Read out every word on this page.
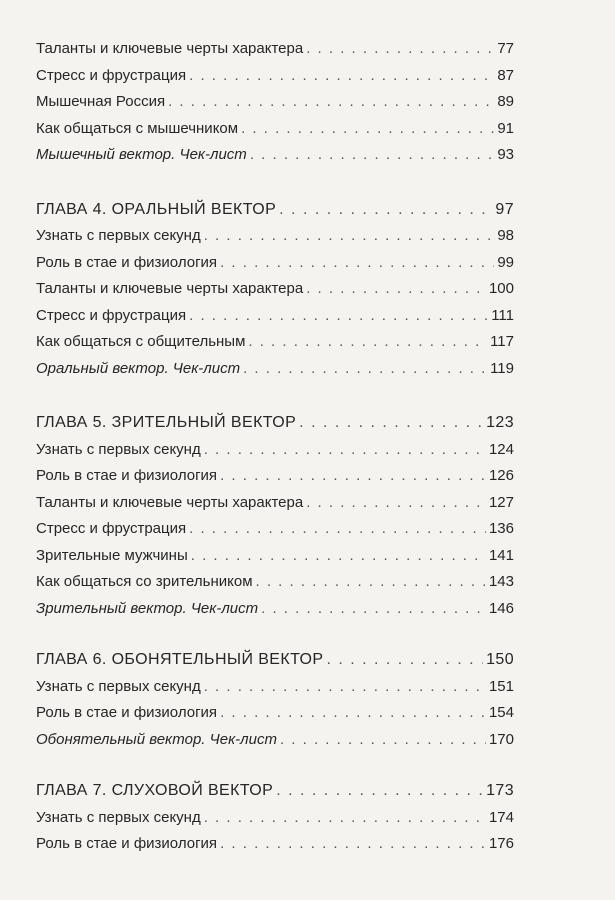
Таланты и ключевые черты характера . . .	77
Стресс и фрустрация . . .	87
Мышечная Россия . . .	89
Как общаться с мышечником . . .	91
Мышечный вектор. Чек-лист . . .	93
ГЛАВА 4. ОРАЛЬНЫЙ ВЕКТОР . . .	97
Узнать с первых секунд . . .	98
Роль в стае и физиология . . .	99
Таланты и ключевые черты характера . . .	100
Стресс и фрустрация . . .	111
Как общаться с общительным . . .	117
Оральный вектор. Чек-лист . . .	119
ГЛАВА 5. ЗРИТЕЛЬНЫЙ ВЕКТОР . . .	123
Узнать с первых секунд . . .	124
Роль в стае и физиология . . .	126
Таланты и ключевые черты характера . . .	127
Стресс и фрустрация . . .	136
Зрительные мужчины . . .	141
Как общаться со зрительником . . .	143
Зрительный вектор. Чек-лист . . .	146
ГЛАВА 6. ОБОНЯТЕЛЬНЫЙ ВЕКТОР . . .	150
Узнать с первых секунд . . .	151
Роль в стае и физиология . . .	154
Обонятельный вектор. Чек-лист . . .	170
ГЛАВА 7. СЛУХОВОЙ ВЕКТОР . . .	173
Узнать с первых секунд . . .	174
Роль в стае и физиология . . .	176
